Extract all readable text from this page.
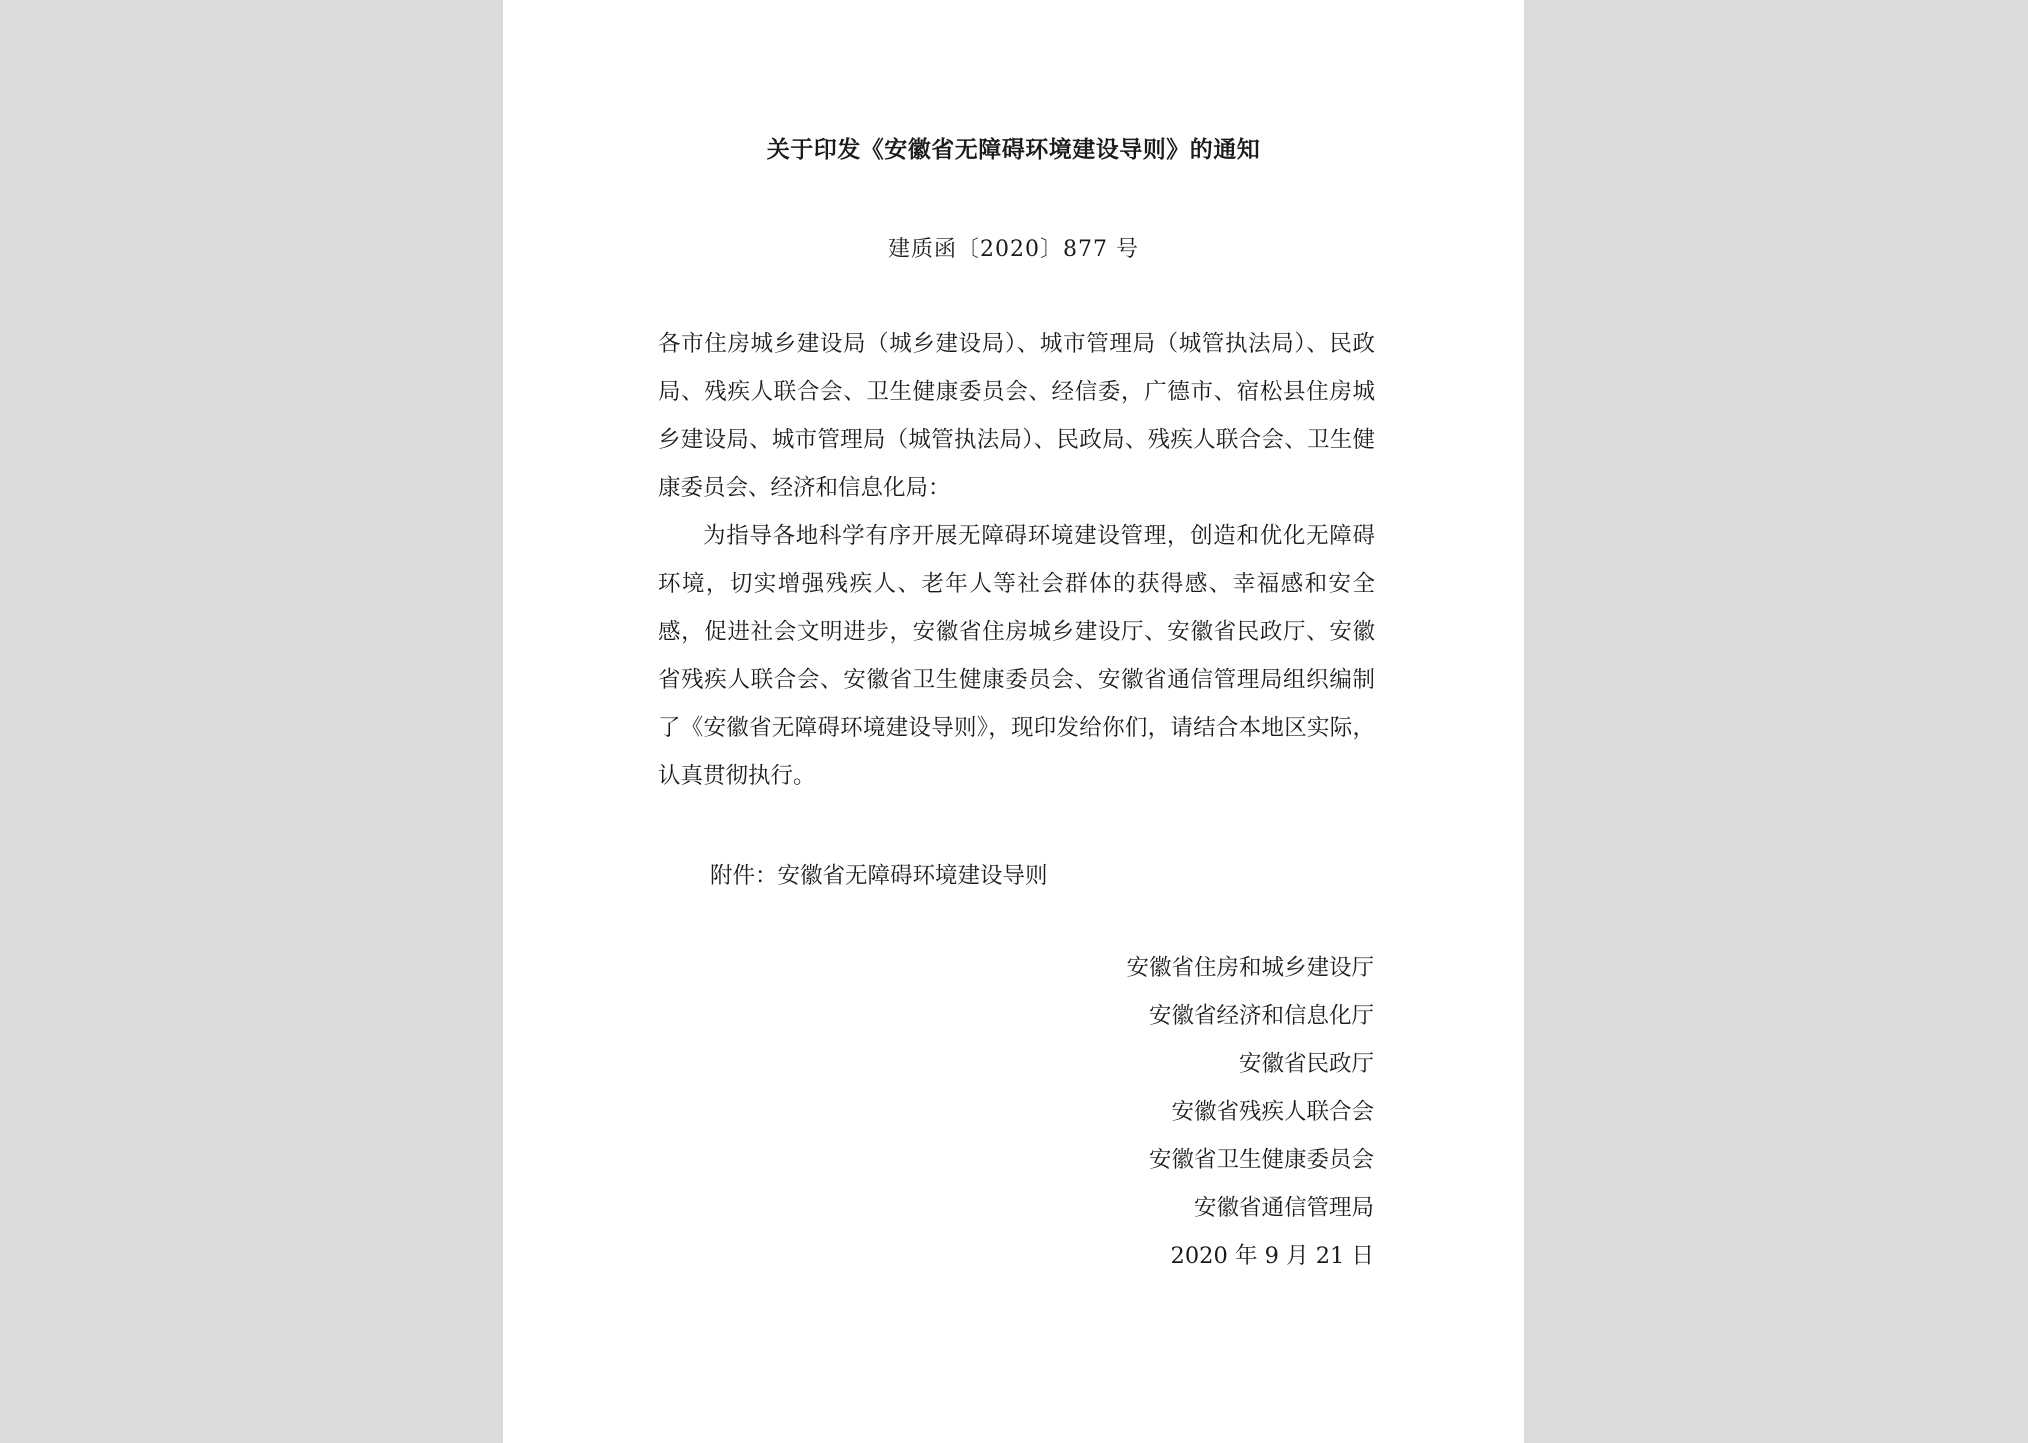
关于印发《安徽省无障碍环境建设导则》的通知
建质函〔2020〕877 号
各市住房城乡建设局（城乡建设局）、城市管理局（城管执法局）、民政局、残疾人联合会、卫生健康委员会、经信委，广德市、宿松县住房城乡建设局、城市管理局（城管执法局）、民政局、残疾人联合会、卫生健康委员会、经济和信息化局：
为指导各地科学有序开展无障碍环境建设管理，创造和优化无障碍环境，切实增强残疾人、老年人等社会群体的获得感、幸福感和安全感，促进社会文明进步，安徽省住房城乡建设厅、安徽省民政厅、安徽省残疾人联合会、安徽省卫生健康委员会、安徽省通信管理局组织编制了《安徽省无障碍环境建设导则》，现印发给你们，请结合本地区实际，认真贯彻执行。
附件：安徽省无障碍环境建设导则
安徽省住房和城乡建设厅
安徽省经济和信息化厅
安徽省民政厅
安徽省残疾人联合会
安徽省卫生健康委员会
安徽省通信管理局
2020 年 9 月 21 日
